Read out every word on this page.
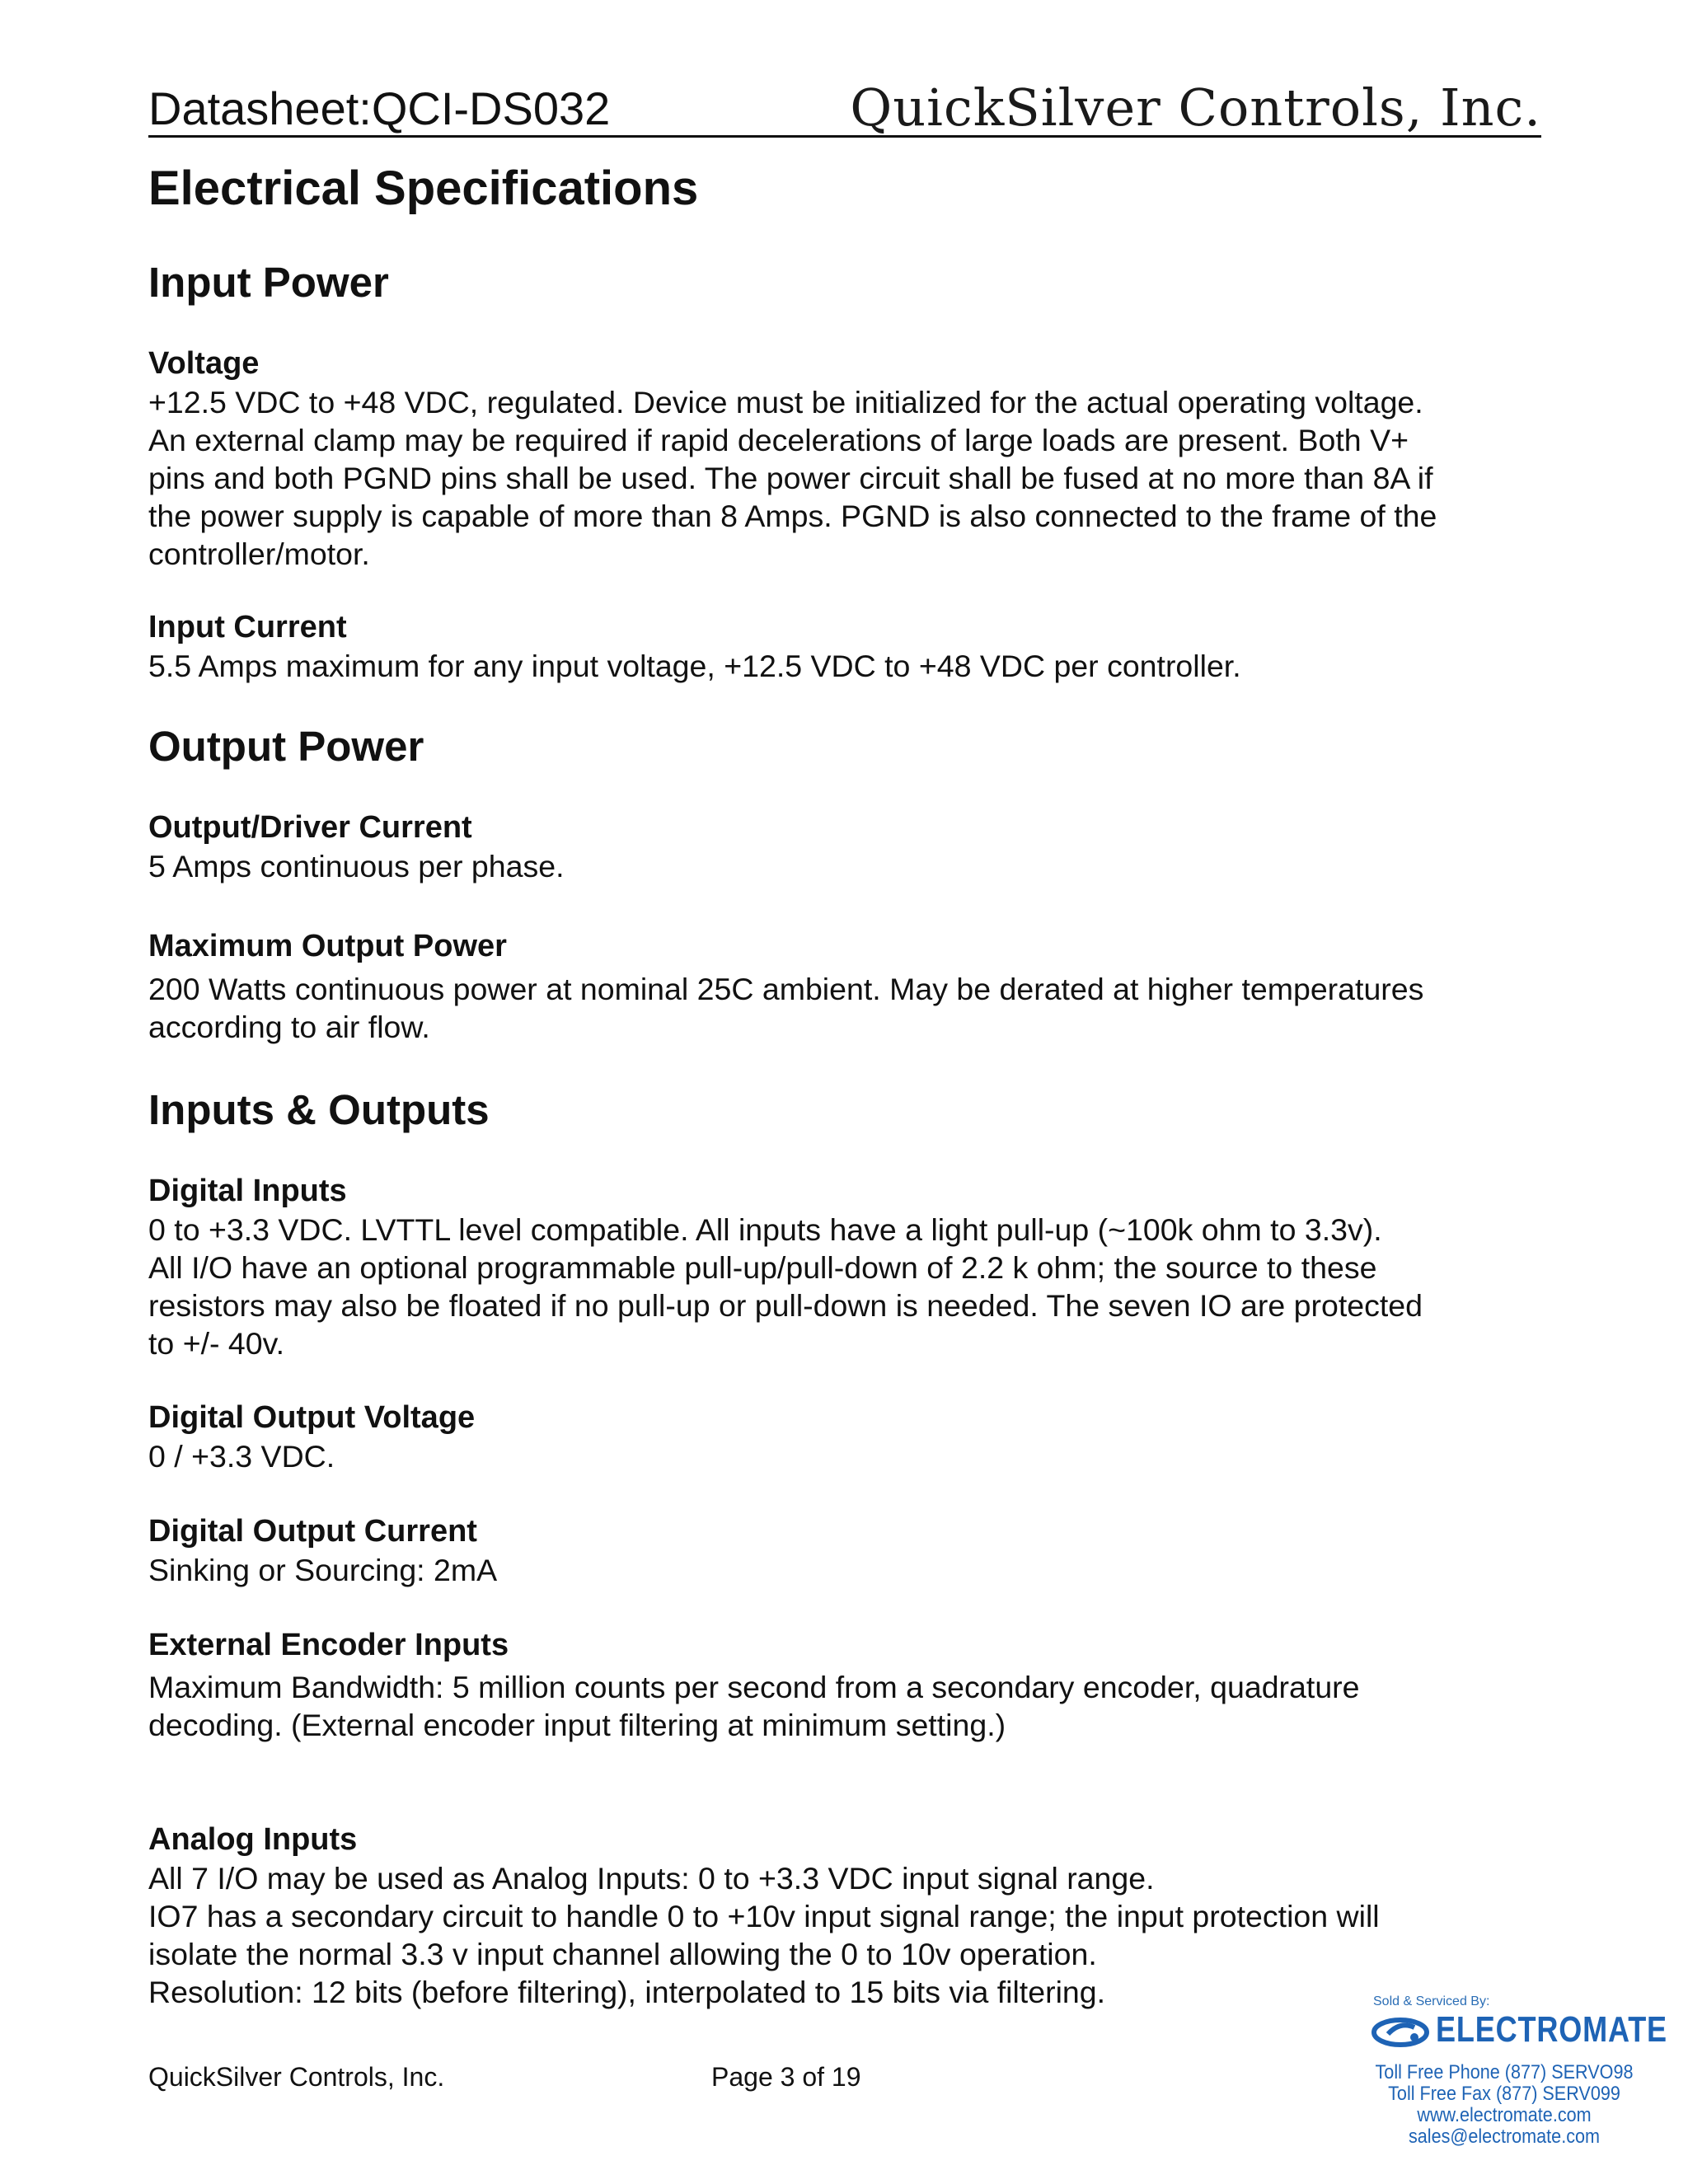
Datasheet:QCI-DS032	QuickSilver Controls, Inc.
Electrical Specifications
Input Power
Voltage
+12.5 VDC to +48 VDC, regulated. Device must be initialized for the actual operating voltage.
An external clamp may be required if rapid decelerations of large loads are present. Both V+
pins and both PGND pins shall be used. The power circuit shall be fused at no more than 8A if
the power supply is capable of more than 8 Amps. PGND is also connected to the frame of the
controller/motor.
Input Current
5.5 Amps maximum for any input voltage, +12.5 VDC to +48 VDC per controller.
Output Power
Output/Driver Current
5 Amps continuous per phase.
Maximum Output Power
200 Watts continuous power at nominal 25C ambient. May be derated at higher temperatures
according to air flow.
Inputs & Outputs
Digital Inputs
0 to +3.3 VDC. LVTTL level compatible. All inputs have a light pull-up (~100k ohm to 3.3v).
All I/O have an optional programmable pull-up/pull-down of 2.2 k ohm; the source to these
resistors may also be floated if no pull-up or pull-down is needed. The seven IO are protected
to +/- 40v.
Digital Output Voltage
0 / +3.3 VDC.
Digital Output Current
Sinking or Sourcing: 2mA
External Encoder Inputs
Maximum Bandwidth: 5 million counts per second from a secondary encoder, quadrature
decoding. (External encoder input filtering at minimum setting.)
Analog Inputs
All 7 I/O may be used as Analog Inputs: 0 to +3.3 VDC input signal range.
IO7 has a secondary circuit to handle 0 to +10v input signal range; the input protection will
isolate the normal 3.3 v input channel allowing the 0 to 10v operation.
Resolution: 12 bits (before filtering), interpolated to 15 bits via filtering.
QuickSilver Controls, Inc.	Page 3 of 19
Sold & Serviced By:
ELECTROMATE
Toll Free Phone (877) SERVO98
Toll Free Fax (877) SERV099
www.electromate.com
sales@electromate.com
